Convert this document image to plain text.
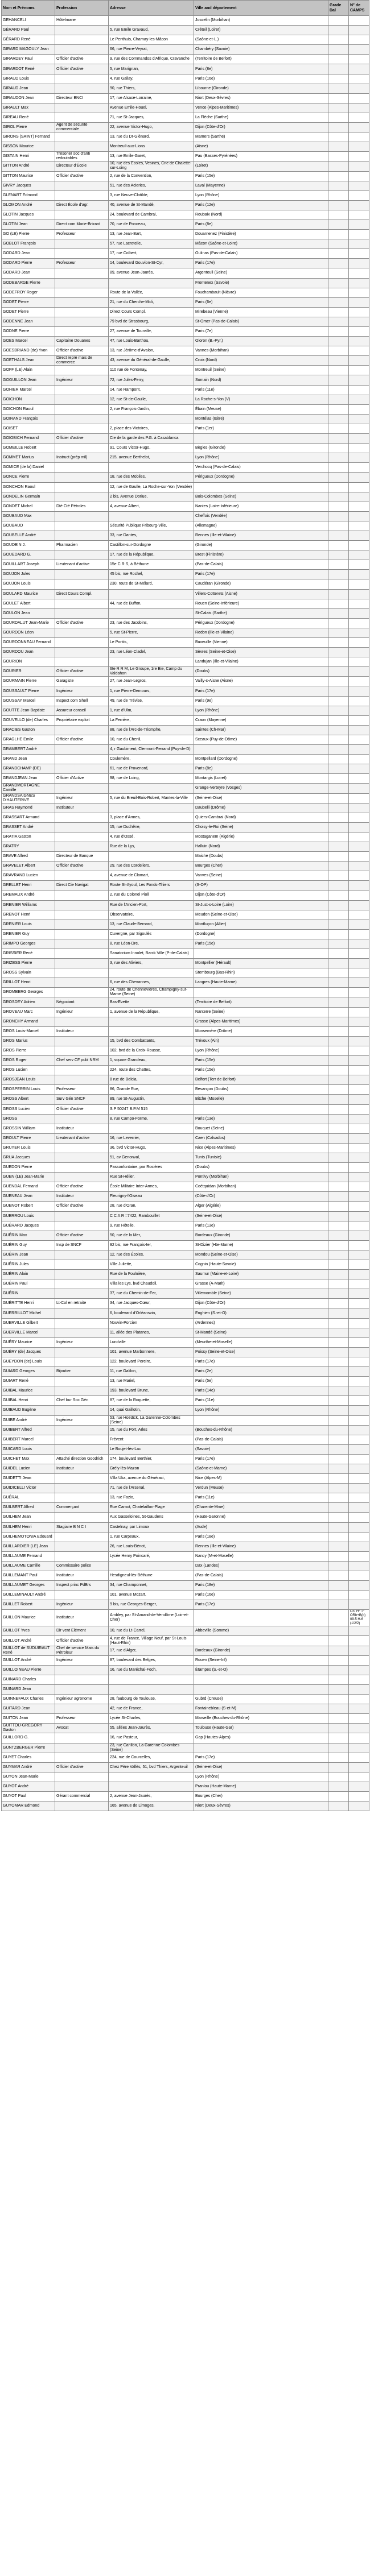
Nom et Prénoms	Profession	Adresse	Ville and département	Grade Dal	N° de CAMPS
GEHANCELI	Hôtelmane		Josselin (Morbihan)		
GÉRARD Paul		5, rue Emile Gravaud,	Créteil (Loiret)		
GÉRARD René		Le Penthuis, Charnay-les-Mâcon	(Saône-et-L.)		
GIRARD MAGOULY Jean		66, rue Pierre-Veyrat,	Chambéry (Savoie)		
GIRARDEY Paul	Officier d'active	9, rue des Commandos d'Afrique, Cravanche	(Territoire de Belfort)		
GIRARDOT René	Officier d'active	5, rue Marignan,	Paris (8e)		
GIRAUD Louis		4, rue Gallay,	Paris (16e)		
GIRAUD Jean		90, rue Thiers,	Libourne (Gironde)		
GIRAUDON Jean	Directeur BNCI	17, rue Alsace-Lorraine,	Niort (Deux-Sèvres)		
GIRAULT Max		Avenue Emile-Houel,	Vence (Alpes-Maritimes)		
GIREAU René		71, rue St-Jacques,	La Flèche (Sarthe)		
GIROL Pierre	Agent de sécurité commerciale	22, avenue Victor-Hugo,	Dijon (Côte-d'Or)		
GIRONS (SAINT) Fernand		13, rue du Dr-Glénard,	Mamers (Sarthe)		
GISSON Maurice		Montreuil-aux-Lions	(Aisne)		
GISTAIN Henri	Trésorier soc d'anti redoutables	13, rue Emile-Garet,	Pau (Basses-Pyrénées)		
GITTON André	Directeur d'École	10, rue des Écoles, Vesines, Cne de Chalette-sur-Loing	(Loiret)		
GITTON Maurice	Officier d'active	2, rue de la Convention,	Paris (15e)		
GIVRY Jacques		51, rue des Acieries,	Laval (Mayenne)		
GLENART Edmond		3, rue Neuve-Clotilde,	Lyon (Rhône)		
GLOMON André	Direct École d'agr.	40, avenue de St-Mandé,	Paris (12e)		
GLOTIN Jacques		24, boulevard de Cambrai,	Roubaix (Nord)		
GLOTIN Jean	Direct com Marie-Brizard	70, rue de Ponceau,	Paris (8e)		
GO (LE) Pierre	Professeur	13, rue Jean-Bart,	Douarnenez (Finistère)		
GOBLOT François		57, rue Lacretelle,	Mâcon (Saône-et-Loire)		
GODARD Jean		17, rue Colbert,	Oulinas (Pas-de-Calais)		
GODARD Pierre	Professeur	14, boulevard Gouvion-St-Cyr,	Paris (17e)		
GODARD Jean		89, avenue Jean-Jaurès,	Argenteuil (Seine)		
GODEBARGE Pierre			Frontenex (Savoie)		
GODEFROY Roger		Route de la Vallée,	Fouchambault (Nièvre)		
GODET Pierre		21, rue du Cherche-Midi,	Paris (6e)		
GODET Pierre		Direct Cours Compl.	Mirebeau (Vienne)		
GODENNE Jean		79 bvd de Strasbourg,	St-Omer (Pas-de-Calais)		
GODNE Pierre		27, avenue de Tourville,	Paris (7e)		
GOES Marcel	Capitaine Douanes	47, rue Louis-Barthou,	Oloron (B.-Pyr.)		
GOESBRIAND (de) Yvon	Officier d'active	13, rue Jérôme-d'Avalon,	Vannes (Morbihan)		
GOETHALS Jean	Direct repré mais de commerce	43, avenue du Général-de-Gaulle,	Croix (Nord)		
GOFF (LE) Alain		110 rue de Fontenay,	Montreuil (Seine)		
GOGUILLON Jean	Ingénieur	72, rue Jules-Ferry,	Somain (Nord)		
GOHIER Marcel		14, rue Rampont,	Paris (11e)		
GOICHON		12, rue St-de-Gaulle,	La Roche-s-Yon (V)		
GOICHON Raoul		2, rue François-Jardin,	Ébain (Meuse)		
GOIRAND François			Montélas (Isère)		
GOISET		2, place des Victoires,	Paris (1er)		
GOIOBICH Fernand	Officier d'active	Cie de la garde des P.G. à Casablanca			
GOMEILLE Robert		91, Cours Victor-Hugo,	Bègles (Gironde)		
GOMMET Marius	Instruct (prép mil)	215, avenue Berthelot,	Lyon (Rhône)		
GOMICE (de la) Daniel			Verchocq (Pas-de-Calais)		
GONCE Pierre		18, rue des Mobiles,	Périgueux (Dordogne)		
GONCHON Raoul		12, rue de Gaulle, La Roche-sur-Yon (Vendée)			
GONDELIN Germain		2 bis, Avenue Doriue,	Bois-Colombes (Seine)		
GONDET Michel	Dté Cté Pétroles	4, avenue Albert,	Nantes (Loire-Inférieure)		
GOUBAUD Max			Cheffois (Vendée)		
GOUBAUD		Sécurité Publique Fribourg-Ville,	(Allemagne)		
GOUBELLE André		33, rue Dantes,	Rennes (Ille-et-Vilaine)		
GOUDEIN J.	Pharmacien	Castillon-sur-Dordogne	(Gironde)		
GOUEDARD G.		17, rue de la République,	Brest (Finistère)		
GOUILLART Joseph	Lieutenant d'active	15e C R S, à Béthune	(Pas-de-Calais)		
GOUJON Jules		45 bis, rue Rochel,	Paris (17e)		
GOUJON Louis		230, route de St-Mélard,	Caudéran (Gironde)		
GOULARD Maurice	Direct Cours Compl.		Villers-Cotterets (Aisne)		
GOULET Albert		44, rue de Buffon,	Rouen (Seine-Inférieure)		
GOULON Jean			St-Calais (Sarthe)		
GOURDALUT Jean-Marie	Officier d'active	23, rue des Jacobins,	Périgueux (Dordogne)		
GOURDON Léon		5, rue St-Pierre,	Redon (Ille-et-Vilaine)		
GOURDONNEAU Fernand		Le Pontis,	Buxeuille (Vienne)		
GOURDOU Jean		23, rue Léon-Cladel,	Sèvres (Seine-et-Oise)		
GOURION			Landujan (Ille-et-Vilaine)		
GOURIER	Officier d'active	6te R R M, Le Groupe, 1re Bie, Camp du Valdahon	(Doubs)		
GOURMAIN Pierre	Garagiste	27, rue Jean-Legros,	Vailly-s-Aisne (Aisne)		
GOUSSAULT Pierre	Ingénieur	1, rue Pierre-Demours,	Paris (17e)		
GOUSSAY Marcel	Inspect com Shell	49, rue de Trévise,	Paris (9e)		
GOUTTE Jean-Baptiste	Assureur conseil	1, rue d'Ulm,	Lyon (Rhône)		
GOUVELLO (de) Charles	Propriétaire exploit	La Ferrière,	Craon (Mayenne)		
GRACIES Gaston		88, rue de l'Arc-de-Triomphe,	Saintes (Ch-Mar)		
GRAGLHE Emile	Officier d'active	10, rue du Chenil,	Sceaux (Puy-de-Dôme)		
GRAMBERT André		4, r Gaubiment, Clermont-Ferrand (Puy-de-D)			
GRAND Jean		Coulemère,	Montpellard (Dordogne)		
GRANDCHAMP (DE)		61, rue de Provenord,	Paris (8e)		
GRANDJEAN Jean	Officier d'Active	98, rue de Loing,	Montargis (Loiret)		
GRANDMORTAGNE Camille			Grange-Verteyre (Vosges)		
GRANDSAIGNES D'HAUTERIVE	Ingénieur	5, rue du Breuil-Bois-Robert, Mantes-la-Ville	(Seine-et-Oise)		
GRAS Raymond	Instituteur		Daubelli (Drôme)		
GRASSART Armand		3, place d'Armes,	Quiers-Cambrai (Nord)		
GRASSET André		15, rue Duchêne,	Choisy-le-Roi (Seine)		
GRATIA Gaston		4, rue d'Ossé,	Mostaganem (Algérie)		
GRATRY		Rue de la Lys,	Halluin (Nord)		
GRAVE Alfred	Directeur de Banque		Maiche (Doubs)		
GRAVELET Albert	Officier d'active	29, rue des Cordeliers,	Bourges (Cher)		
GRAVRAND Lucien		4, avenue de Clamart,	Vanves (Seine)		
GRELLET Henri	Direct Cie Navigat	Route St-Ayoul, Les Fonds-Thiers	(S-OP)		
GREMAUX André		2, rue du Colonel Pioll	Dijon (Côte-d'Or)		
GRENIER Williams		Rue de l'Ancien-Port,	St-Just-s-Loire (Loire)		
GRENOT Henri		Observatoire,	Meudon (Seine-et-Oise)		
GRENIER Louis		13, rue Claude-Bernard,	Montluçon (Allier)		
GRENIER Guy		Cuvergne, par Sigoulès	(Dordogne)		
GRIMPO Georges		8, rue Léon-Dre,	Paris (15e)		
GRISSIER René		Sanatorium Innolet, Barck Ville (P-de-Calais)			
GRIZESS Pierre		3, rue des Aliviers,	Montpellier (Hérault)		
GROSS Sylvain			Stembourg (Bas-Rhin)		
GRILLOT Henri		6, rue des Chevannes,	Langres (Haute-Marne)		
GROMBERG Georges		24, route de Chennevières, Champigny-sur- Marne (Seine)			
GROSDEY Adrien	Négociant	Bas-Evette	(Territoire de Belfort)		
GROVEAU Marc	Ingénieur	1, avenue de la République,	Nanterre (Seine)		
GRONCHY Armand			Grasse (Alpes-Maritimes)		
GROS Louis-Marcel	Instituteur		Monsemère (Drôme)		
GROS Marius		15, bvd des Combattants,	Trévoux (Ain)		
GROS Pierre		102, bvd de la Croix-Rousse,	Lyon (Rhône)		
GROS Roger	Chef serv CF publ NRM	1, square Grandeau,	Paris (15e)		
GROS Lucien		224, route des Chattes,	Paris (15e)		
GROSJEAN Louis		8 rue de Belcia,	Belfort (Terr de Belfort)		
GROSPERRIN Louis	Professeur	86, Grande Rue,	Besançon (Doubs)		
GROSS Albert	Surv Gén SNCF	89, rue St-Augustin,	Bitche (Moselle)		
GROSS Lucien	Officier d'active	S.P 50247 B.P.M 515			
GROSS		8, rue Campo-Forme,	Paris (13e)		
GROSSIN William	Instituteur		Bouquet (Seine)		
GROULT Pierre	Lieutenant d'active	16, rue Leverrier,	Caen (Calvados)		
GRUYER Louis		36, bvd Victor-Hugo,	Nice (Alpes-Maritimes)		
GRUA Jacques		51, av Genonval,	Tunis (Tunisie)		
GUEDON Pierre		Passonfontaine, par Rosières	(Doubs)		
GUEN (LE) Jean-Marie		Rue St-Hélier,	Pontivy (Morbihan)		
GUENDAL Fernand	Officier d'active	École Militaire Inter-Armes,	Coëtquidan (Morbihan)		
GUENEAU Jean	Instituteur	Fleurigny-l'Oiseau	(Côte-d'Or)		
GUENOT Robert	Officier d'active	28, rue d'Oran,	Alger (Algérie)		
GUERROU Louis		C C A R =7422, Rambouillet	(Seine-et-Oise)		
GUÉRARD Jacques		9, rue Hôtelle,	Paris (13e)		
GUÉRIN Max	Officier d'active	50, rue de la Mer,	Bordeaux (Gironde)		
GUÉRIN Guy	Insp de SNCF	92 bis, rue François-Ier,	St-Dizier (Hte-Marne)		
GUÉRIN Jean		12, rue des Écoles,	Mondou (Seine-et-Oise)		
GUÉRIN Jules		Ville Juliette,	Cognin (Haute-Savoie)		
GUÉRIN Alain		Rue de la Foulnière,	Saumur (Maine-et-Loire)		
GUÉRIN Paul		Villa les Lys, bvd Chaudoil,	Grasse (A-Marit)		
GUÉRIN		37, rue du Chemin-de-Fer,	Villemomble (Seine)		
GUÉRITTE Henri	Lt-Col en retraite	34, rue Jacques-Cœur,	Dijon (Côte-d'Or)		
GUERRILLOT Michel		6, boulevard d'Orléansvin,	Enghien (S.-et-O)		
GUERVILLE Gilbert		Nouvin-Porcien	(Ardennes)		
GUERVILLE Marcel		11, allée des Platanes,	St-Mandé (Seine)		
GUÉRY Maurice	Ingénieur	Lundville	(Meurthe-et-Moselle)		
GUÉRY (de) Jacques		101, avenue Marbonnere,	Poissy (Seine-et-Oise)		
GUEYDON (de) Louis		122, boulevard Pereire,	Paris (17e)		
GUIARD Georges	Bijoutier	11, rue Galilon,	Paris (2e)		
GUIART René		13, rue Mariel,	Paris (5e)		
GUIBAL Maurice		193, boulevard Brune,	Paris (14e)		
GUIBAL Henri	Chef bur Soc Gén	87, rue de la Roquette,	Paris (11e)		
GUIBAUD Eugène		14, quai Gaillotin,	Lyon (Rhône)		
GUIBE André	Ingénieur	53, rue Hoëdick, La Garenne-Colombes (Seine)			
GUIBERT Alfred		15, rue du Port, Arles	(Bouches-du-Rhône)		
GUIBERT Marcel		Frévent	(Pas-de-Calais)		
GUICARD Louis		Le Boujet-lès-Lac	(Savoie)		
GUICHET Max	Attaché direction Goodrich	174, boulevard Berthier,	Paris (17e)		
GUIDEL Lucien	Instituteur	Grély-lès-Mazon	(Saône-et-Marne)		
GUIDETTI Jean		Villa Uka, avenue du Généraci,	Nice (Alpes-M)		
GUIDICELLI Victor		71, rue de l'Arsenal,	Verdun (Meuse)		
GUÉRAL		13, rue Fazio,	Paris (11e)		
GUILBERT Alfred	Commerçant	Rue Carnot, Chatelaillon-Plage	(Charente-Mme)		
GUILHEM Jean		Aux Gasseloines, St-Gaudens	(Haute-Garonne)		
GUILHEM Henri	Stagiaire B N C I	Castelnay, par Limoux	(Aude)		
GUILHEMOTONIA Edouard		1, rue Carpeaux,	Paris (18e)		
GUILLARDIER (LE) Jean		26, rue Louis-Bénot,	Rennes (Ille-et-Vilaine)		
GUILLAUME Fernand		Lycée Henry Poincaré,	Nancy (M-et-Moselle)		
GUILLAUME Camille	Commissaire police		Dax (Landes)		
GUILLEMANT Paul	Instituteur	Hesdigneul-lès-Béthune	(Pas-de-Calais)		
GUILLAUMET Georges	Inspect princ PdBrs	34, rue Champonnet,	Paris (18e)		
GUILLEMINAULT André		101, avenue Mozart,	Paris (16e)		
GUILLET Robert	Ingénieur	9 bis, rue Georges-Berger,	Paris (17e)		
GUILLON Maurice	Instituteur	Ambley, par St-Amand-de-Vendôme (Loir-et-Cher)			Ch. H° T° ORh+B(b) 09.5 H-6 (1/2/2)
GUILLOT Yves	Dir vent Elément	10, rue du Lt-Carrel,	Abbeville (Somme)		
GUILLOT André	Officier d'active	4, rue de France, Village Neuf, par St-Louis (Haut-Rhin)			
GUILLOT de SUDUIRAUT René	Chef de service Mais du Pétroleur	17, rue d'Alger,	Bordeaux (Gironde)		
GUILLOT André	Ingénieur	87, boulevard des Belges,	Rouen (Seine-Inf)		
GUILLOINEAU Pierre		16, rue du Maréchal-Foch,	Étampes (S.-et-O)		
GUINARD Charles					
GUINARD Jean					
GUINNEFAUX Charles	Ingénieur agronome	28, faubourg de Toulouse,	Gubrd (Creuse)		
GUITARD Jean		42, rue de France,	Fontainebleau (S-et-M)		
GUITON Jean	Professeur	Lycée St-Charles,	Marseille (Bouches-du-Rhône)		
GUITTOU-GREGORY Gaston	Avocat	55, allées Jean-Jaurès,	Toulouse (Haute-Gar)		
GUILLORD G.		16, rue Pasteur,	Gap (Hautes-Alpes)		
GUNTZBERGER Pierre		23, rue Carillon, La Garenne-Colombes (Seine)			
GUYET Charles		224, rue de Courcelles,	Paris (17e)		
GUYMAR André	Officier d'active	Chez Père Vallès, 51, bvd Thiers, Argenteuil	(Seine-et-Oise)		
GUYON Jean-Marie			Lyon (Rhône)		
GUYOT André			Pranlou (Haute-Marne)		
GUYOT Paul	Gérant commercial	2, avenue Jean-Jaurès,	Bourges (Cher)		
GUYOMAR Edmond		165, avenue de Limoges,	Niort (Deux-Sèvres)		
